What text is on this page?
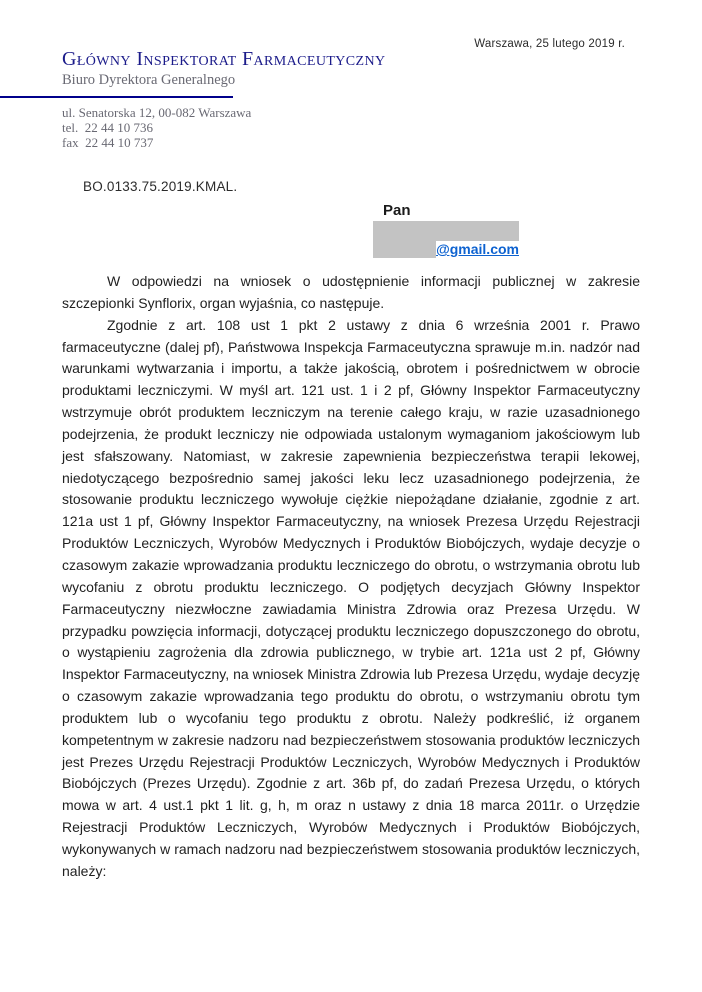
Warszawa, 25 lutego 2019 r.
Główny Inspektorat Farmaceutyczny
Biuro Dyrektora Generalnego
ul. Senatorska 12, 00-082 Warszawa
tel.  22 44 10 736
fax  22 44 10 737
BO.0133.75.2019.KMAL.
Pan
@gmail.com

W odpowiedzi na wniosek o udostępnienie informacji publicznej w zakresie szczepionki Synflorix, organ wyjaśnia, co następuje.

Zgodnie z art. 108 ust 1 pkt 2 ustawy z dnia 6 września 2001 r. Prawo farmaceutyczne (dalej pf), Państwowa Inspekcja Farmaceutyczna sprawuje m.in. nadzór nad warunkami wytwarzania i importu, a także jakością, obrotem i pośrednictwem w obrocie produktami leczniczymi. W myśl art. 121 ust. 1 i 2 pf, Główny Inspektor Farmaceutyczny wstrzymuje obrót produktem leczniczym na terenie całego kraju, w razie uzasadnionego podejrzenia, że produkt leczniczy nie odpowiada ustalonym wymaganiom jakościowym lub jest sfałszowany. Natomiast, w zakresie zapewnienia bezpieczeństwa terapii lekowej, niedotyczącego bezpośrednio samej jakości leku lecz uzasadnionego podejrzenia, że stosowanie produktu leczniczego wywołuje ciężkie niepożądane działanie, zgodnie z art. 121a ust 1 pf, Główny Inspektor Farmaceutyczny, na wniosek Prezesa Urzędu Rejestracji Produktów Leczniczych, Wyrobów Medycznych i Produktów Biobójczych, wydaje decyzje o czasowym zakazie wprowadzania produktu leczniczego do obrotu, o wstrzymania obrotu lub wycofaniu z obrotu produktu leczniczego. O podjętych decyzjach Główny Inspektor Farmaceutyczny niezwłoczne zawiadamia Ministra Zdrowia oraz Prezesa Urzędu. W przypadku powzięcia informacji, dotyczącej produktu leczniczego dopuszczonego do obrotu, o wystąpieniu zagrożenia dla zdrowia publicznego, w trybie art. 121a ust 2 pf, Główny Inspektor Farmaceutyczny, na wniosek Ministra Zdrowia lub Prezesa Urzędu, wydaje decyzję o czasowym zakazie wprowadzania tego produktu do obrotu, o wstrzymaniu obrotu tym produktem lub o wycofaniu tego produktu z obrotu. Należy podkreślić, iż organem kompetentnym w zakresie nadzoru nad bezpieczeństwem stosowania produktów leczniczych jest Prezes Urzędu Rejestracji Produktów Leczniczych, Wyrobów Medycznych i Produktów Biobójczych (Prezes Urzędu). Zgodnie z art. 36b pf, do zadań Prezesa Urzędu, o których mowa w art. 4 ust.1 pkt 1 lit. g, h, m oraz n ustawy z dnia 18 marca 2011r. o Urzędzie Rejestracji Produktów Leczniczych, Wyrobów Medycznych i Produktów Biobójczych, wykonywanych w ramach nadzoru nad bezpieczeństwem stosowania produktów leczniczych, należy:
